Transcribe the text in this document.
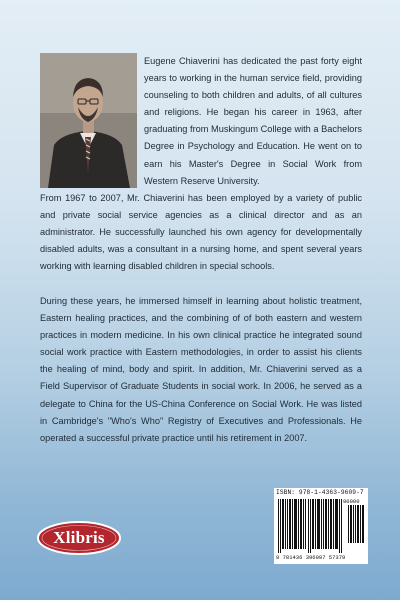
Eugene Chiaverini has dedicated the past forty eight years to working in the human service field, providing counseling to both children and adults, of all cultures and religions. He began his career in 1963, after graduating from Muskingum College with a Bachelors Degree in Psychology and Education. He went on to earn his Master's Degree in Social Work from Western Reserve University.
From 1967 to 2007, Mr. Chiaverini has been employed by a variety of public and private social service agencies as a clinical director and as an administrator. He successfully launched his own agency for developmentally disabled adults, was a consultant in a nursing home, and spent several years working with learning disabled children in special schools.

During these years, he immersed himself in learning about holistic treatment, Eastern healing practices, and the combining of of both eastern and western practices in modern medicine. In his own clinical practice he integrated sound social work practice with Eastern methodologies, in order to assist his clients the healing of mind, body and spirit. In addition, Mr. Chiaverini served as a Field Supervisor of Graduate Students in social work. In 2006, he served as a delegate to China for the US-China Conference on Social Work. He was listed in Cambridge's "Who's Who" Registry of Executives and Professionals. He operated a successful private practice until his retirement in 2007.

Xlibris
ISBN: 978-1-4363-9609-7
90000
9 781436 396097 57379
